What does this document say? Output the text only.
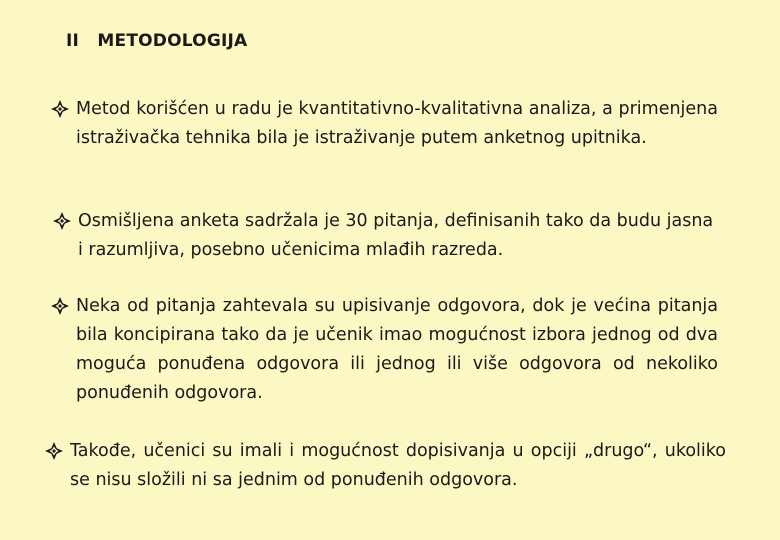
II   METODOLOGIJA
Metod korišćen u radu je kvantitativno-kvalitativna analiza, a primenjena istraživačka tehnika bila je istraživanje putem anketnog upitnika.
Osmišljena anketa sadržala je 30 pitanja, definisanih tako da budu jasna i razumljiva, posebno učenicima mlađih razreda.
Neka od pitanja zahtevala su upisivanje odgovora, dok je većina pitanja bila koncipirana tako da je učenik imao mogućnost izbora jednog od dva moguća ponuđena odgovora ili jednog ili više odgovora od nekoliko ponuđenih odgovora.
Takođe, učenici su imali i mogućnost dopisivanja u opciji „drugo“, ukoliko se nisu složili ni sa jednim od ponuđenih odgovora.
